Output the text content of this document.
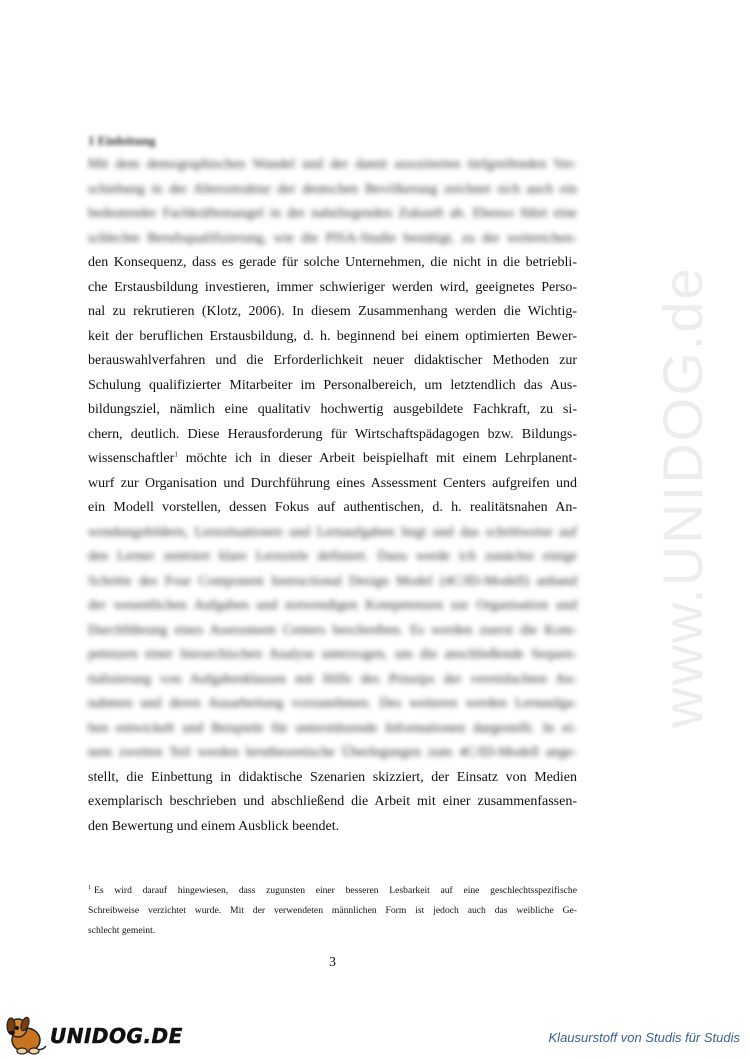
1 Einleitung
Mit dem demographischen Wandel und der damit assoziierten tiefgreifenden Ver-
schiebung in der Altersstruktur der deutschen Bevölkerung zeichnet sich auch ein
bedeutender Fachkräftemangel in der naheliegenden Zukunft ab. Ebenso führt eine
schlechte Berufsqualifizierung, wie die PISA-Studie bestätigt, zu der weitreichen-
den Konsequenz, dass es gerade für solche Unternehmen, die nicht in die betriebli-
che Erstausbildung investieren, immer schwieriger werden wird, geeignetes Perso-
nal zu rekrutieren (Klotz, 2006). In diesem Zusammenhang werden die Wichtig-
keit der beruflichen Erstausbildung, d. h. beginnend bei einem optimierten Bewer-
berauswahlverfahren und die Erforderlichkeit neuer didaktischer Methoden zur
Schulung qualifizierter Mitarbeiter im Personalbereich, um letztendlich das Aus-
bildungsziel, nämlich eine qualitativ hochwertig ausgebildete Fachkraft, zu si-
chern, deutlich. Diese Herausforderung für Wirtschaftspädagogen bzw. Bildungs-
wissenschaftler$^1$ möchte ich in dieser Arbeit beispielhaft mit einem Lehrplanent-
wurf zur Organisation und Durchführung eines Assessment Centers aufgreifen und
ein Modell vorstellen, dessen Fokus auf authentischen, d. h. realitätsnahen An-
wendungsfeldern, Lernsituationen und Lernaufgaben liegt und das schrittweise auf
den Lerner zentriert klare Lernziele definiert. Dazu werde ich zunächst einige
Schritte des Four Component Instructional Design Model (4C/ID-Modell) anhand
der wesentlichen Aufgaben und notwendigen Kompetenzen zur Organisation und
Durchführung eines Assessment Centers beschreiben. Es werden zuerst die Kom-
petenzen einer hierarchischen Analyse unterzogen, um die anschließende Sequen-
tialisierung von Aufgabenklassen mit Hilfe des Prinzips der vereinfachten An-
nahmen und deren Ausarbeitung vorzunehmen. Des weiteren werden Lernaufga-
ben entwickelt und Beispiele für unterstützende Informationen dargestellt. In ei-
nem zweiten Teil werden lerntheoretische Überlegungen zum 4C/ID-Modell ange-
stellt, die Einbettung in didaktische Szenarien skizziert, der Einsatz von Medien
exemplarisch beschrieben und abschließend die Arbeit mit einer zusammenfassen-
den Bewertung und einem Ausblick beendet.
$^1$ Es wird darauf hingewiesen, dass zugunsten einer besseren Lesbarkeit auf eine geschlechtsspezifische
Schreibweise verzichtet wurde. Mit der verwendeten männlichen Form ist jedoch auch das weibliche Ge-
schlecht gemeint.
3
www.UNIDOG.de
UNIDOG.DE	Klausurstoff von Studis für Studis
